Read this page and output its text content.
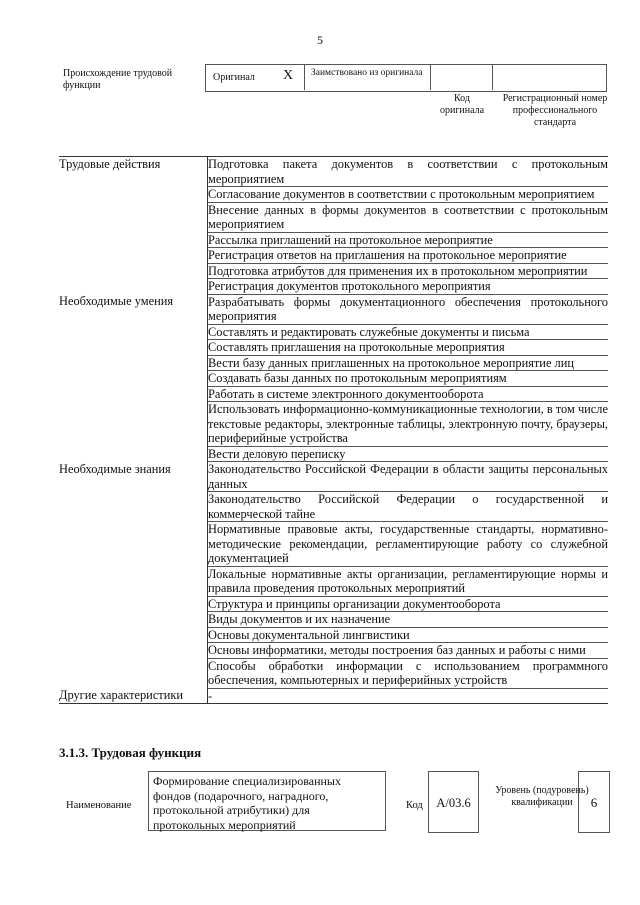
5
Происхождение трудовой функции
Оригинал X Заимствовано из оригинала
Код оригинала
Регистрационный номер профессионального стандарта
Трудовые действия	Подготовка пакета документов в соответствии с протокольным мероприятием
	Согласование документов в соответствии с протокольным мероприятием
	Внесение данных в формы документов в соответствии с протокольным мероприятием
	Рассылка приглашений на протокольное мероприятие
	Регистрация ответов на приглашения на протокольное мероприятие
	Подготовка атрибутов для применения их в протокольном мероприятии
	Регистрация документов протокольного мероприятия
Необходимые умения	Разрабатывать формы документационного обеспечения протокольного мероприятия
	Составлять и редактировать служебные документы и письма
	Составлять приглашения на протокольные мероприятия
	Вести базу данных приглашенных на протокольное мероприятие лиц
	Создавать базы данных по протокольным мероприятиям
	Работать в системе электронного документооборота
	Использовать информационно-коммуникационные технологии, в том числе текстовые редакторы, электронные таблицы, электронную почту, браузеры, периферийные устройства
	Вести деловую переписку
Необходимые знания	Законодательство Российской Федерации в области защиты персональных данных
	Законодательство Российской Федерации о государственной и коммерческой тайне
	Нормативные правовые акты, государственные стандарты, нормативно-методические рекомендации, регламентирующие работу со служебной документацией
	Локальные нормативные акты организации, регламентирующие нормы и правила проведения протокольных мероприятий
	Структура и принципы организации документооборота
	Виды документов и их назначение
	Основы документальной лингвистики
	Основы информатики, методы построения баз данных и работы с ними
	Способы обработки информации с использованием программного обеспечения, компьютерных и периферийных устройств
Другие характеристики	-
3.1.3. Трудовая функция
Наименование
Формирование специализированных фондов (подарочного, наградного, протокольной атрибутики) для протокольных мероприятий
Код	А/03.6
Уровень (подуровень) квалификации	6
